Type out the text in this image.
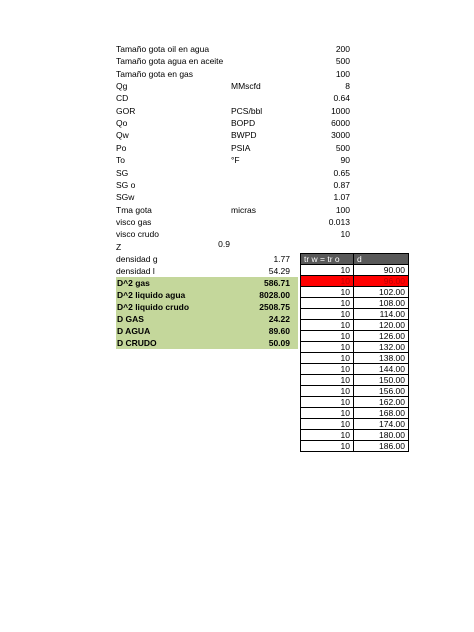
Tamaño gota oil en agua	200
Tamaño gota agua en aceite	500
Tamaño gota en gas	100
Qg	MMscfd	8
CD	0.64
GOR	PCS/bbl	1000
Qo	BOPD	6000
Qw	BWPD	3000
Po	PSIA	500
To	°F	90
SG	0.65
SG o	0.87
SGw	1.07
Tma gota	micras	100
visco gas	0.013
visco crudo	10
Z	0.9
densidad g	1.77
densidad l	54.29
D^2 gas	586.71
D^2 liquido agua	8028.00
D^2 liquido crudo	2508.75
D GAS	24.22
D AGUA	89.60
D CRUDO	50.09
tr w = tr o	d
10	90.00
10	96.00
10	102.00
10	108.00
10	114.00
10	120.00
10	126.00
10	132.00
10	138.00
10	144.00
10	150.00
10	156.00
10	162.00
10	168.00
10	174.00
10	180.00
10	186.00
